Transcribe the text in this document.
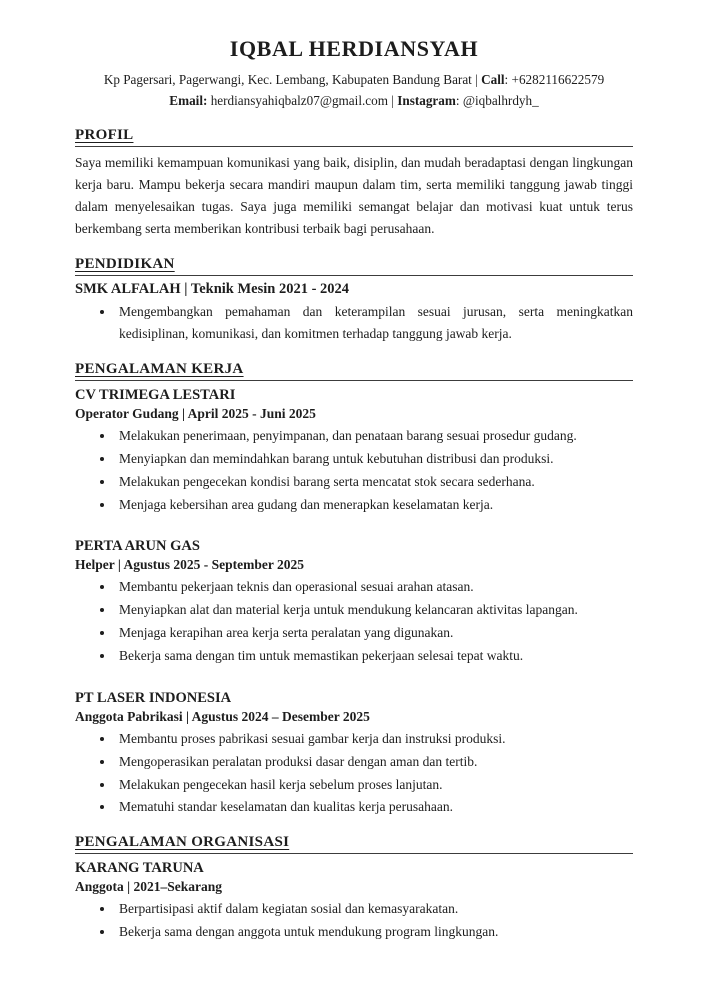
IQBAL HERDIANSYAH

Kp Pagersari, Pagerwangi, Kec. Lembang, Kabupaten Bandung Barat | Call: +6282116622579

Email: herdiansyahiqbalz07@gmail.com | Instagram: @iqbalhrdyh_

PROFIL

Saya memiliki kemampuan komunikasi yang baik, disiplin, dan mudah beradaptasi dengan lingkungan kerja baru. Mampu bekerja secara mandiri maupun dalam tim, serta memiliki tanggung jawab tinggi dalam menyelesaikan tugas. Saya juga memiliki semangat belajar dan motivasi kuat untuk terus berkembang serta memberikan kontribusi terbaik bagi perusahaan.

PENDIDIKAN

SMK ALFALAH | Teknik Mesin 2021 - 2024

• Mengembangkan pemahaman dan keterampilan sesuai jurusan, serta meningkatkan kedisiplinan, komunikasi, dan komitmen terhadap tanggung jawab kerja.
PENGALAMAN KERJA

CV TRIMEGA LESTARI

Operator Gudang | April 2025 - Juni 2025

• Melakukan penerimaan, penyimpanan, dan penataan barang sesuai prosedur gudang.
• Menyiapkan dan memindahkan barang untuk kebutuhan distribusi dan produksi.
• Melakukan pengecekan kondisi barang serta mencatat stok secara sederhana.
• Menjaga kebersihan area gudang dan menerapkan keselamatan kerja.

PERTA ARUN GAS

Helper | Agustus 2025 - September 2025

• Membantu pekerjaan teknis dan operasional sesuai arahan atasan.
• Menyiapkan alat dan material kerja untuk mendukung kelancaran aktivitas lapangan.
• Menjaga kerapihan area kerja serta peralatan yang digunakan.
• Bekerja sama dengan tim untuk memastikan pekerjaan selesai tepat waktu.

PT LASER INDONESIA

Anggota Pabrikasi | Agustus 2024 – Desember 2025

• Membantu proses pabrikasi sesuai gambar kerja dan instruksi produksi.
• Mengoperasikan peralatan produksi dasar dengan aman dan tertib.
• Melakukan pengecekan hasil kerja sebelum proses lanjutan.
• Mematuhi standar keselamatan dan kualitas kerja perusahaan.
PENGALAMAN ORGANISASI

KARANG TARUNA

Anggota | 2021–Sekarang

• Berpartisipasi aktif dalam kegiatan sosial dan kemasyarakatan.
• Bekerja sama dengan anggota untuk mendukung program lingkungan.
